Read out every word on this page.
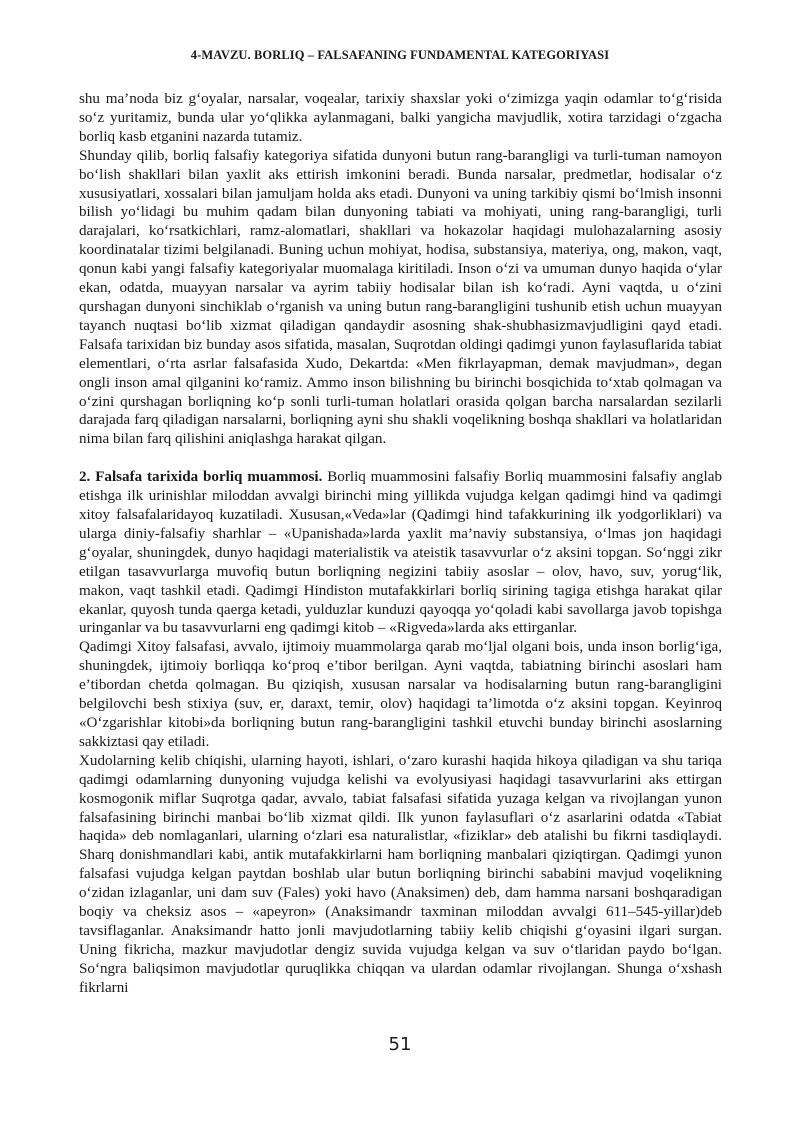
4-MAVZU. BORLIQ – FALSAFANING FUNDAMENTAL KATEGORIYASI

shu ma’noda biz g‘oyalar, narsalar, voqealar, tarixiy shaxslar yoki o‘zimizga yaqin odamlar to‘g‘risida so‘z yuritamiz, bunda ular yo‘qlikka aylanmagani, balki yangicha mavjudlik, xotira tarzidagi o‘zgacha borliq kasb etganini nazarda tutamiz.

Shunday qilib, borliq falsafiy kategoriya sifatida dunyoni butun rang-barangligi va turli-tuman namoyon bo‘lish shakllari bilan yaxlit aks ettirish imkonini beradi. Bunda narsalar, predmetlar, hodisalar o‘z xususiyatlari, xossalari bilan jamuljam holda aks etadi. Dunyoni va uning tarkibiy qismi bo‘lmish insonni bilish yo‘lidagi bu muhim qadam bilan dunyoning tabiati va mohiyati, uning rang-barangligi, turli darajalari, ko‘rsatkichlari, ramz-alomatlari, shakllari va hokazolar haqidagi mulohazalarning asosiy koordinatalar tizimi belgilanadi. Buning uchun mohiyat, hodisa, substansiya, materiya, ong, makon, vaqt, qonun kabi yangi falsafiy kategoriyalar muomalaga kiritiladi. Inson o‘zi va umuman dunyo haqida o‘ylar ekan, odatda, muayyan narsalar va ayrim tabiiy hodisalar bilan ish ko‘radi. Ayni vaqtda, u o‘zini qurshagan dunyoni sinchiklab o‘rganish va uning butun rang-barangligini tushunib etish uchun muayyan tayanch nuqtasi bo‘lib xizmat qiladigan qandaydir asosning shak-shubhasizmavjudligini qayd etadi. Falsafa tarixidan biz bunday asos sifatida, masalan, Suqrotdan oldingi qadimgi yunon faylasuflarida tabiat elementlari, o‘rta asrlar falsafasida Xudo, Dekartda: «Men fikrlayapman, demak mavjudman», degan ongli inson amal qilganini ko‘ramiz. Ammo inson bilishning bu birinchi bosqichida to‘xtab qolmagan va o‘zini qurshagan borliqning ko‘p sonli turli-tuman holatlari orasida qolgan barcha narsalardan sezilarli darajada farq qiladigan narsalarni, borliqning ayni shu shakli voqelikning boshqa shakllari va holatlaridan nima bilan farq qilishini aniqlashga harakat qilgan.

2. Falsafa tarixida borliq muammosi. Borliq muammosini falsafiy Borliq muammosini falsafiy anglab etishga ilk urinishlar miloddan avvalgi birinchi ming yillikda vujudga kelgan qadimgi hind va qadimgi xitoy falsafalaridayoq kuzatiladi. Xususan,«Veda»lar (Qadimgi hind tafakkurining ilk yodgorliklari) va ularga diniy-falsafiy sharhlar – «Upanishada»larda yaxlit ma’naviy substansiya, o‘lmas jon haqidagi g‘oyalar, shuningdek, dunyo haqidagi materialistik va ateistik tasavvurlar o‘z aksini topgan. So‘nggi zikr etilgan tasavvurlarga muvofiq butun borliqning negizini tabiiy asoslar – olov, havo, suv, yorug‘lik, makon, vaqt tashkil etadi. Qadimgi Hindiston mutafakkirlari borliq sirining tagiga etishga harakat qilar ekanlar, quyosh tunda qaerga ketadi, yulduzlar kunduzi qayoqqa yo‘qoladi kabi savollarga javob topishga uringanlar va bu tasavvurlarni eng qadimgi kitob – «Rigveda»larda aks ettirganlar.

Qadimgi Xitoy falsafasi, avvalo, ijtimoiy muammolarga qarab mo‘ljal olgani bois, unda inson borlig‘iga, shuningdek, ijtimoiy borliqqa ko‘proq e’tibor berilgan. Ayni vaqtda, tabiatning birinchi asoslari ham e’tibordan chetda qolmagan. Bu qiziqish, xususan narsalar va hodisalarning butun rang-barangligini belgilovchi besh stixiya (suv, er, daraxt, temir, olov) haqidagi ta’limotda o‘z aksini topgan. Keyinroq «O‘zgarishlar kitobi»da borliqning butun rang-barangligini tashkil etuvchi bunday birinchi asoslarning sakkiztasi qay etiladi.

Xudolarning kelib chiqishi, ularning hayoti, ishlari, o‘zaro kurashi haqida hikoya qiladigan va shu tariqa qadimgi odamlarning dunyoning vujudga kelishi va evolyusiyasi haqidagi tasavvurlarini aks ettirgan kosmogonik miflar Suqrotga qadar, avvalo, tabiat falsafasi sifatida yuzaga kelgan va rivojlangan yunon falsafasining birinchi manbai bo‘lib xizmat qildi. Ilk yunon faylasuflari o‘z asarlarini odatda «Tabiat haqida» deb nomlaganlari, ularning o‘zlari esa naturalistlar, «fiziklar» deb atalishi bu fikrni tasdiqlaydi. Sharq donishmandlari kabi, antik mutafakkirlarni ham borliqning manbalari qiziqtirgan. Qadimgi yunon falsafasi vujudga kelgan paytdan boshlab ular butun borliqning birinchi sababini mavjud voqelikning o‘zidan izlaganlar, uni dam suv (Fales) yoki havo (Anaksimen) deb, dam hamma narsani boshqaradigan boqiy va cheksiz asos – «apeyron» (Anaksimandr taxminan miloddan avvalgi 611–545-yillar)deb tavsiflaganlar. Anaksimandr hatto jonli mavjudotlarning tabiiy kelib chiqishi g‘oyasini ilgari surgan. Uning fikricha, mazkur mavjudotlar dengiz suvida vujudga kelgan va suv o‘tlaridan paydo bo‘lgan. So‘ngra baliqsimon mavjudotlar quruqlikka chiqqan va ulardan odamlar rivojlangan. Shunga o‘xshash fikrlarni

51
